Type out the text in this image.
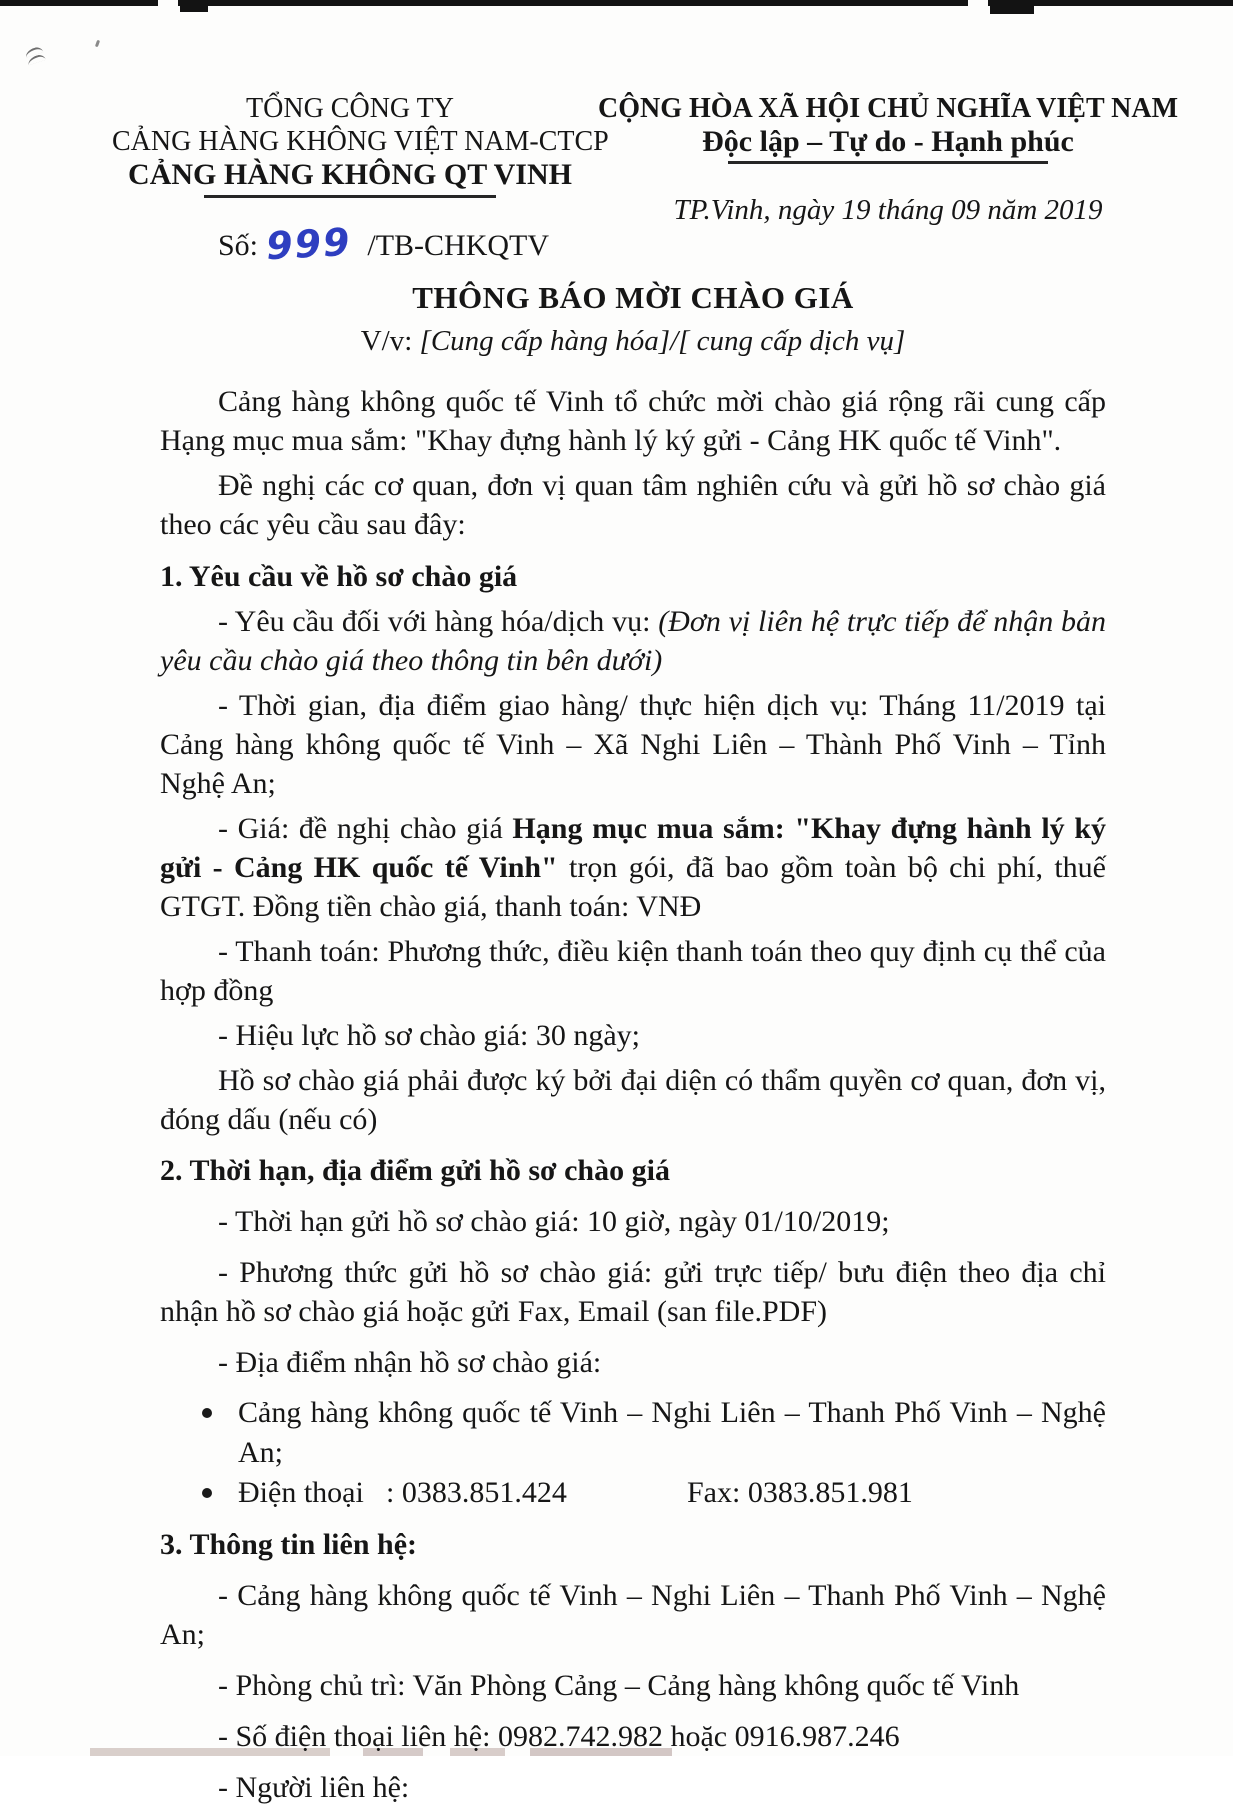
TỔNG CÔNG TY
CẢNG HÀNG KHÔNG VIỆT NAM-CTCP
CẢNG HÀNG KHÔNG QT VINH
CỘNG HÒA XÃ HỘI CHỦ NGHĨA VIỆT NAM
Độc lập – Tự do - Hạnh phúc
TP.Vinh, ngày 19 tháng 09 năm 2019
Số: 999 /TB-CHKQTV
THÔNG BÁO MỜI CHÀO GIÁ
V/v: [Cung cấp hàng hóa]/[ cung cấp dịch vụ]

Cảng hàng không quốc tế Vinh tổ chức mời chào giá rộng rãi cung cấp Hạng mục mua sắm: "Khay đựng hành lý ký gửi - Cảng HK quốc tế Vinh".

Đề nghị các cơ quan, đơn vị quan tâm nghiên cứu và gửi hồ sơ chào giá theo các yêu cầu sau đây:

1. Yêu cầu về hồ sơ chào giá

- Yêu cầu đối với hàng hóa/dịch vụ: (Đơn vị liên hệ trực tiếp để nhận bản yêu cầu chào giá theo thông tin bên dưới)

- Thời gian, địa điểm giao hàng/ thực hiện dịch vụ: Tháng 11/2019 tại Cảng hàng không quốc tế Vinh – Xã Nghi Liên – Thành Phố Vinh – Tỉnh Nghệ An;

- Giá: đề nghị chào giá Hạng mục mua sắm: "Khay đựng hành lý ký gửi - Cảng HK quốc tế Vinh" trọn gói, đã bao gồm toàn bộ chi phí, thuế GTGT. Đồng tiền chào giá, thanh toán: VNĐ

- Thanh toán: Phương thức, điều kiện thanh toán theo quy định cụ thể của hợp đồng

- Hiệu lực hồ sơ chào giá: 30 ngày;

Hồ sơ chào giá phải được ký bởi đại diện có thẩm quyền cơ quan, đơn vị, đóng dấu (nếu có)

2. Thời hạn, địa điểm gửi hồ sơ chào giá

- Thời hạn gửi hồ sơ chào giá: 10 giờ, ngày 01/10/2019;

- Phương thức gửi hồ sơ chào giá: gửi trực tiếp/ bưu điện theo địa chỉ nhận hồ sơ chào giá hoặc gửi Fax, Email (san file.PDF)

- Địa điểm nhận hồ sơ chào giá:

Cảng hàng không quốc tế Vinh – Nghi Liên – Thanh Phố Vinh – Nghệ An;
Điện thoại : 0383.851.424	Fax: 0383.851.981

3. Thông tin liên hệ:

- Cảng hàng không quốc tế Vinh – Nghi Liên – Thanh Phố Vinh – Nghệ An;

- Phòng chủ trì: Văn Phòng Cảng – Cảng hàng không quốc tế Vinh

- Số điện thoại liên hệ: 0982.742.982 hoặc 0916.987.246

- Người liên hệ:
